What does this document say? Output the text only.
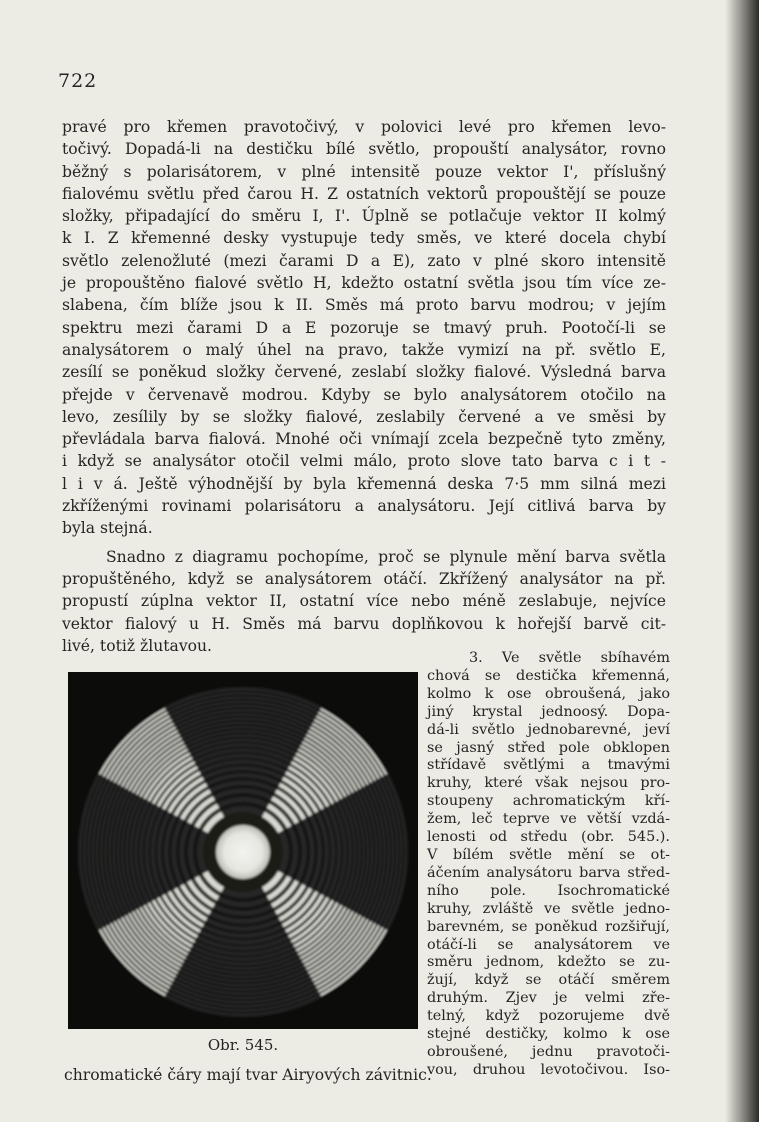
722
pravé pro křemen pravotočivý, v polovici levé pro křemen levo-
točivý. Dopadá-li na destičku bílé světlo, propouští analysátor, rovno
běžný s polarisátorem, v plné intensitě pouze vektor I', příslušný
fialovému světlu před čarou H. Z ostatních vektorů propouštějí se pouze
složky, připadající do směru I, I'. Úplně se potlačuje vektor II kolmý
k I. Z křemenné desky vystupuje tedy směs, ve které docela chybí
světlo zelenožluté (mezi čarami D a E), zato v plné skoro intensitě
je propouštěno fialové světlo H, kdežto ostatní světla jsou tím více ze-
slabena, čím blíže jsou k II. Směs má proto barvu modrou; v jejím
spektru mezi čarami D a E pozoruje se tmavý pruh. Pootočí-li se
analysátorem o malý úhel na pravo, takže vymizí na př. světlo E,
zesílí se poněkud složky červené, zeslabí složky fialové. Výsledná barva
přejde v červenavě modrou. Kdyby se bylo analysátorem otočilo na
levo, zesílily by se složky fialové, zeslabily červené a ve směsi by
převládala barva fialová. Mnohé oči vnímají zcela bezpečně tyto změny,
i když se analysátor otočil velmi málo, proto slove tato barva c i t -
l i v á. Ještě výhodnější by byla křemenná deska 7·5 mm silná mezi
zkříženými rovinami polarisátoru a analysátoru. Její citlivá barva by
byla stejná.
Snadno z diagramu pochopíme, proč se plynule mění barva světla
propuštěného, když se analysátorem otáčí. Zkřížený analysátor na př.
propustí zúplna vektor II, ostatní více nebo méně zeslabuje, nejvíce
vektor fialový u H. Směs má barvu doplňkovou k hořejší barvě cit-
livé, totiž žlutavou.
Obr. 545.
3. Ve světle sbíhavém
chová se destička křemenná,
kolmo k ose obroušená, jako
jiný krystal jednoosý. Dopa-
dá-li světlo jednobarevné, jeví
se jasný střed pole obklopen
střídavě světlými a tmavými
kruhy, které však nejsou pro-
stoupeny achromatickým kří-
žem, leč teprve ve větší vzdá-
lenosti od středu (obr. 545.).
V bílém světle mění se ot-
áčením analysátoru barva střed-
ního pole. Isochromatické
kruhy, zvláště ve světle jedno-
barevném, se poněkud rozšiřují,
otáčí-li se analysátorem ve
směru jednom, kdežto se zu-
žují, když se otáčí směrem
druhým. Zjev je velmi zře-
telný, když pozorujeme dvě
stejné destičky, kolmo k ose
obroušené, jednu pravotoči-
vou, druhou levotočivou. Iso-
chromatické čáry mají tvar Airyových závitnic.
